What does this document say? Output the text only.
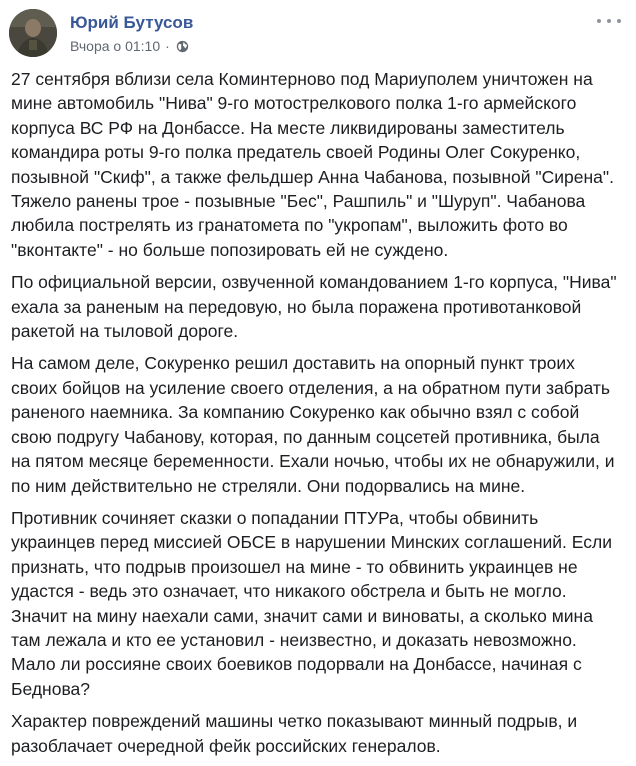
Юрий Бутусов
Вчора о 01:10 ·

27 сентября вблизи села Коминтерново под Мариуполем уничтожен на мине автомобиль "Нива" 9-го мотострелкового полка 1-го армейского корпуса ВС РФ на Донбассе. На месте ликвидированы заместитель командира роты 9-го полка предатель своей Родины Олег Сокуренко, позывной "Скиф", а также фельдшер Анна Чабанова, позывной "Сирена". Тяжело ранены трое - позывные "Бес", Рашпиль" и "Шуруп". Чабанова любила пострелять из гранатомета по "укропам", выложить фото во "вконтакте" - но больше попозировать ей не суждено.

По официальной версии, озвученной командованием 1-го корпуса, "Нива" ехала за раненым на передовую, но была поражена противотанковой ракетой на тыловой дороге.

На самом деле, Сокуренко решил доставить на опорный пункт троих своих бойцов на усиление своего отделения, а на обратном пути забрать раненого наемника. За компанию Сокуренко как обычно взял с собой свою подругу Чабанову, которая, по данным соцсетей противника, была на пятом месяце беременности. Ехали ночью, чтобы их не обнаружили, и по ним действительно не стреляли. Они подорвались на мине.

Противник сочиняет сказки о попадании ПТУРа, чтобы обвинить украинцев перед миссией ОБСЕ в нарушении Минских соглашений. Если признать, что подрыв произошел на мине - то обвинить украинцев не удастся - ведь это означает, что никакого обстрела и быть не могло. Значит на мину наехали сами, значит сами и виноваты, а сколько мина там лежала и кто ее установил - неизвестно, и доказать невозможно. Мало ли россияне своих боевиков подорвали на Донбассе, начиная с Беднова?

Характер повреждений машины четко показывают минный подрыв, и разоблачает очередной фейк российских генералов.
